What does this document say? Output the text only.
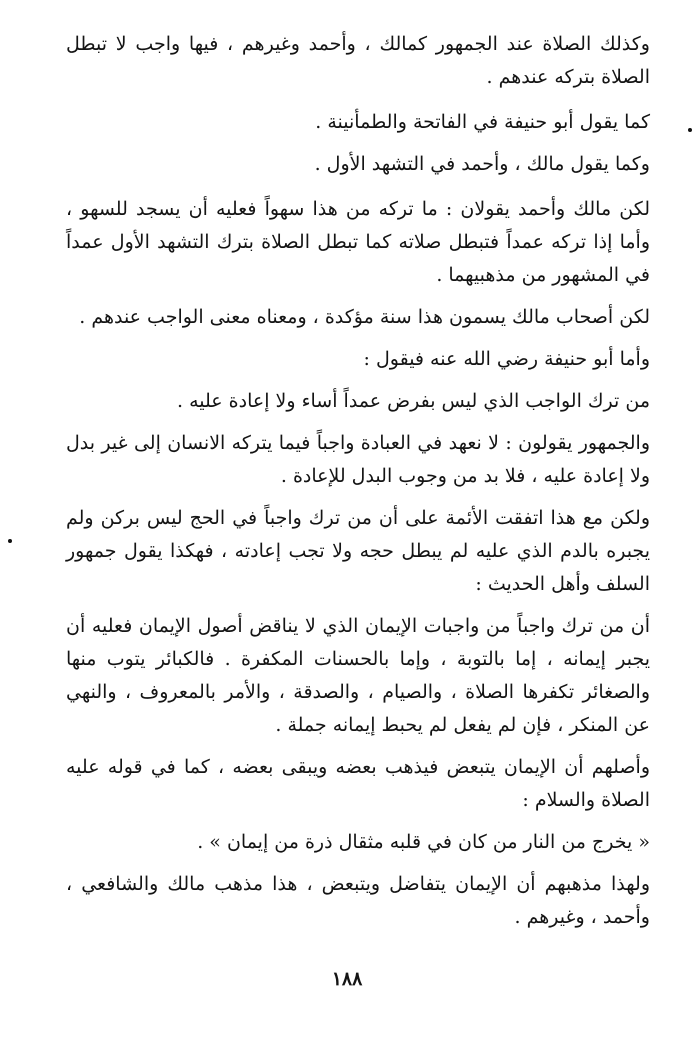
وكذلك الصلاة عند الجمهور كمالك ، وأحمد وغيرهم ، فيها واجب لا تبطل الصلاة بتركه عندهم .

كما يقول أبو حنيفة في الفاتحة والطمأنينة .

وكما يقول مالك ، وأحمد في التشهد الأول .

لكن مالك وأحمد يقولان : ما تركه من هذا سهواً فعليه أن يسجد للسهو ، وأما إذا تركه عمداً فتبطل صلاته كما تبطل الصلاة بترك التشهد الأول عمداً في المشهور من مذهبيهما .

لكن أصحاب مالك يسمون هذا سنة مؤكدة ، ومعناه معنى الواجب عندهم .

وأما أبو حنيفة رضي الله عنه فيقول :

من ترك الواجب الذي ليس بفرض عمداً أساء ولا إعادة عليه .

والجمهور يقولون : لا نعهد في العبادة واجباً فيما يتركه الانسان إلى غير بدل ولا إعادة عليه ، فلا بد من وجوب البدل للإعادة .

ولكن مع هذا اتفقت الأئمة على أن من ترك واجباً في الحج ليس بركن ولم يجبره بالدم الذي عليه لم يبطل حجه ولا تجب إعادته ، فهكذا يقول جمهور السلف وأهل الحديث :

أن من ترك واجباً من واجبات الإيمان الذي لا يناقض أصول الإيمان فعليه أن يجبر إيمانه ، إما بالتوبة ، وإما بالحسنات المكفرة . فالكبائر يتوب منها والصغائر تكفرها الصلاة ، والصيام ، والصدقة ، والأمر بالمعروف ، والنهي عن المنكر ، فإن لم يفعل لم يحبط إيمانه جملة .

وأصلهم أن الإيمان يتبعض فيذهب بعضه ويبقى بعضه ، كما في قوله عليه الصلاة والسلام :

« يخرج من النار من كان في قلبه مثقال ذرة من إيمان » .

ولهذا مذهبهم أن الإيمان يتفاضل ويتبعض ، هذا مذهب مالك والشافعي ، وأحمد ، وغيرهم .

١٨٨
